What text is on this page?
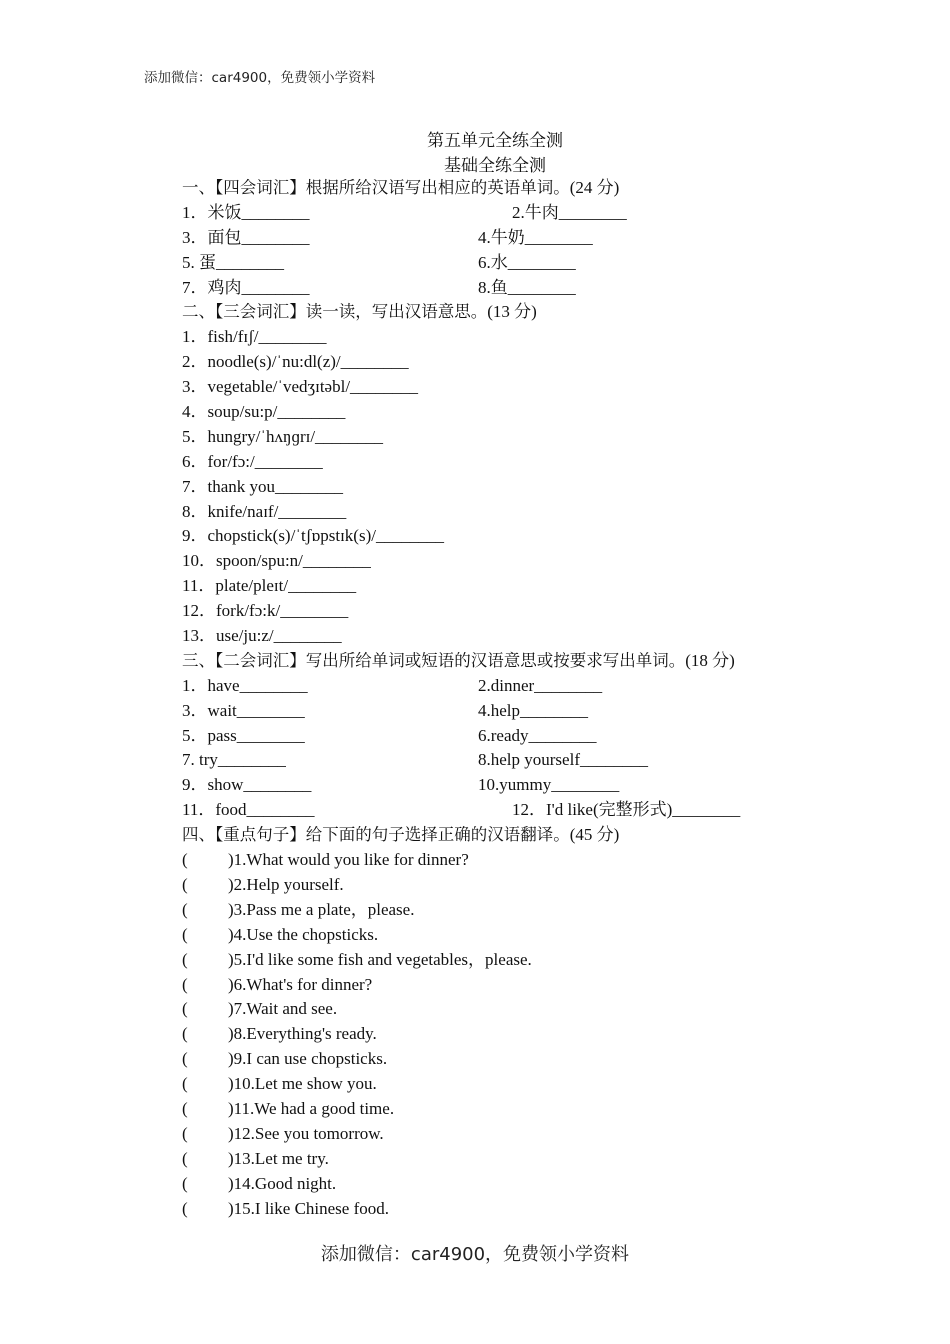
添加微信：car4900，免费领小学资料
第五单元全练全测
基础全练全测
一、【四会词汇】根据所给汉语写出相应的英语单词。(24 分)
1．米饭________	2.牛肉________
3．面包________	4.牛奶________
5. 蛋________	6.水________
7．鸡肉________	8.鱼________
二、【三会词汇】读一读，写出汉语意思。(13 分)
1．fish/fɪʃ/________
2．noodle(s)/ˈnu:dl(z)/________
3．vegetable/ˈvedʒɪtəbl/________
4．soup/su:p/________
5．hungry/ˈhʌŋɡrɪ/________
6．for/fɔ:/________
7．thank you________
8．knife/naɪf/________
9．chopstick(s)/ˈtʃɒpstɪk(s)/________
10．spoon/spu:n/________
11．plate/pleɪt/________
12．fork/fɔ:k/________
13．use/ju:z/________
三、【二会词汇】写出所给单词或短语的汉语意思或按要求写出单词。(18 分)
1．have________	2.dinner________
3．wait________	4.help________
5．pass________	6.ready________
7. try________	8.help yourself________
9．show________	10.yummy________
11．food________	12．I'd like(完整形式)________
四、【重点句子】给下面的句子选择正确的汉语翻译。(45 分)
( )1.What would you like for dinner?
( )2.Help yourself.
( )3.Pass me a plate，please.
( )4.Use the chopsticks.
( )5.I'd like some fish and vegetables，please.
( )6.What's for dinner?
( )7.Wait and see.
( )8.Everything's ready.
( )9.I can use chopsticks.
( )10.Let me show you.
( )11.We had a good time.
( )12.See you tomorrow.
( )13.Let me try.
( )14.Good night.
( )15.I like Chinese food.
添加微信：car4900，免费领小学资料
